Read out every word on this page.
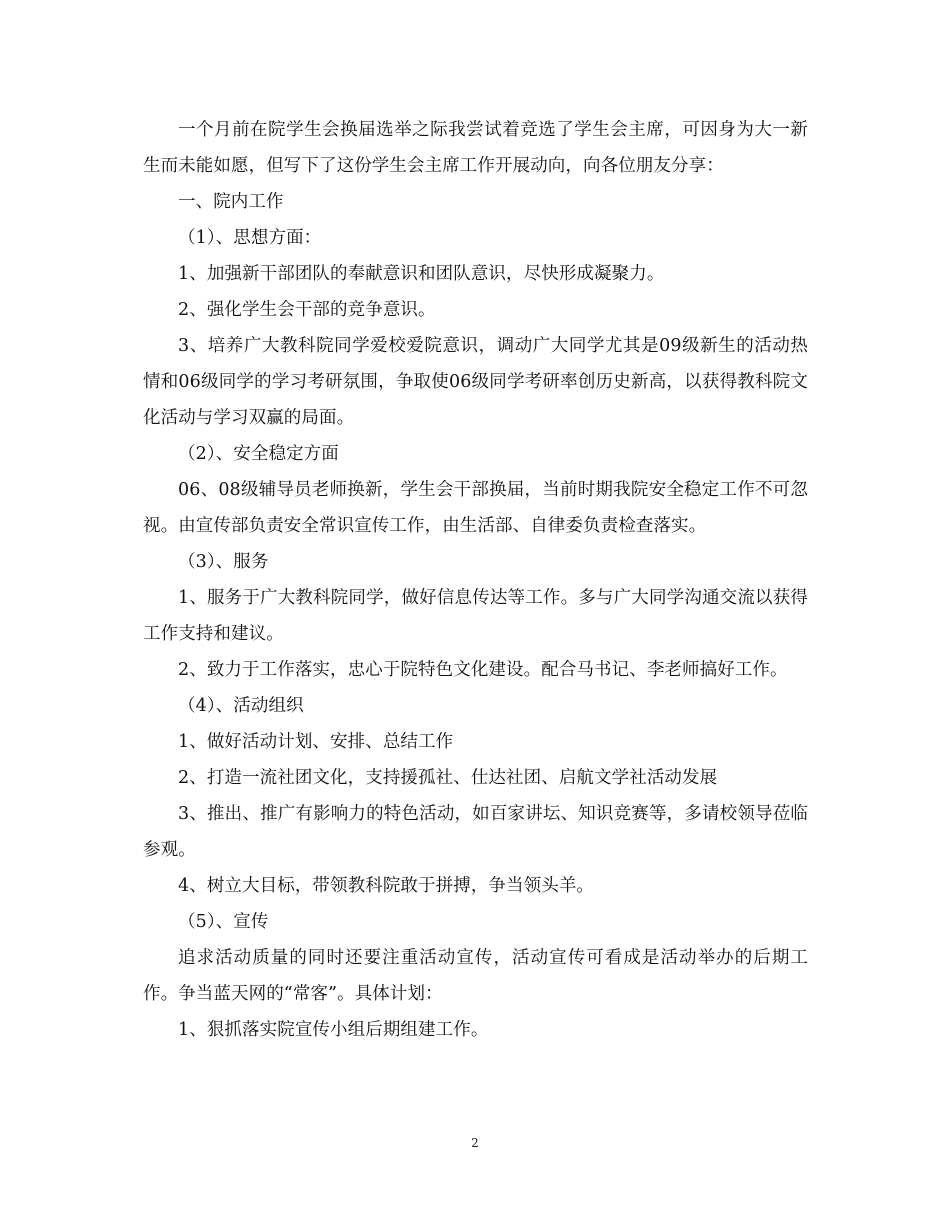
一个月前在院学生会换届选举之际我尝试着竞选了学生会主席，可因身为大一新生而未能如愿，但写下了这份学生会主席工作开展动向，向各位朋友分享：

一、院内工作

（1）、思想方面：

1、加强新干部团队的奉献意识和团队意识，尽快形成凝聚力。

2、强化学生会干部的竞争意识。

3、培养广大教科院同学爱校爱院意识，调动广大同学尤其是09级新生的活动热情和06级同学的学习考研氛围，争取使06级同学考研率创历史新高，以获得教科院文化活动与学习双赢的局面。

（2）、安全稳定方面

06、08级辅导员老师换新，学生会干部换届，当前时期我院安全稳定工作不可忽视。由宣传部负责安全常识宣传工作，由生活部、自律委负责检查落实。

（3）、服务

1、服务于广大教科院同学，做好信息传达等工作。多与广大同学沟通交流以获得工作支持和建议。

2、致力于工作落实，忠心于院特色文化建设。配合马书记、李老师搞好工作。

（4）、活动组织

1、做好活动计划、安排、总结工作

2、打造一流社团文化，支持援孤社、仕达社团、启航文学社活动发展

3、推出、推广有影响力的特色活动，如百家讲坛、知识竞赛等，多请校领导莅临参观。

4、树立大目标，带领教科院敢于拼搏，争当领头羊。

（5）、宣传

追求活动质量的同时还要注重活动宣传，活动宣传可看成是活动举办的后期工作。争当蓝天网的“常客”。具体计划：

1、狠抓落实院宣传小组后期组建工作。

2
